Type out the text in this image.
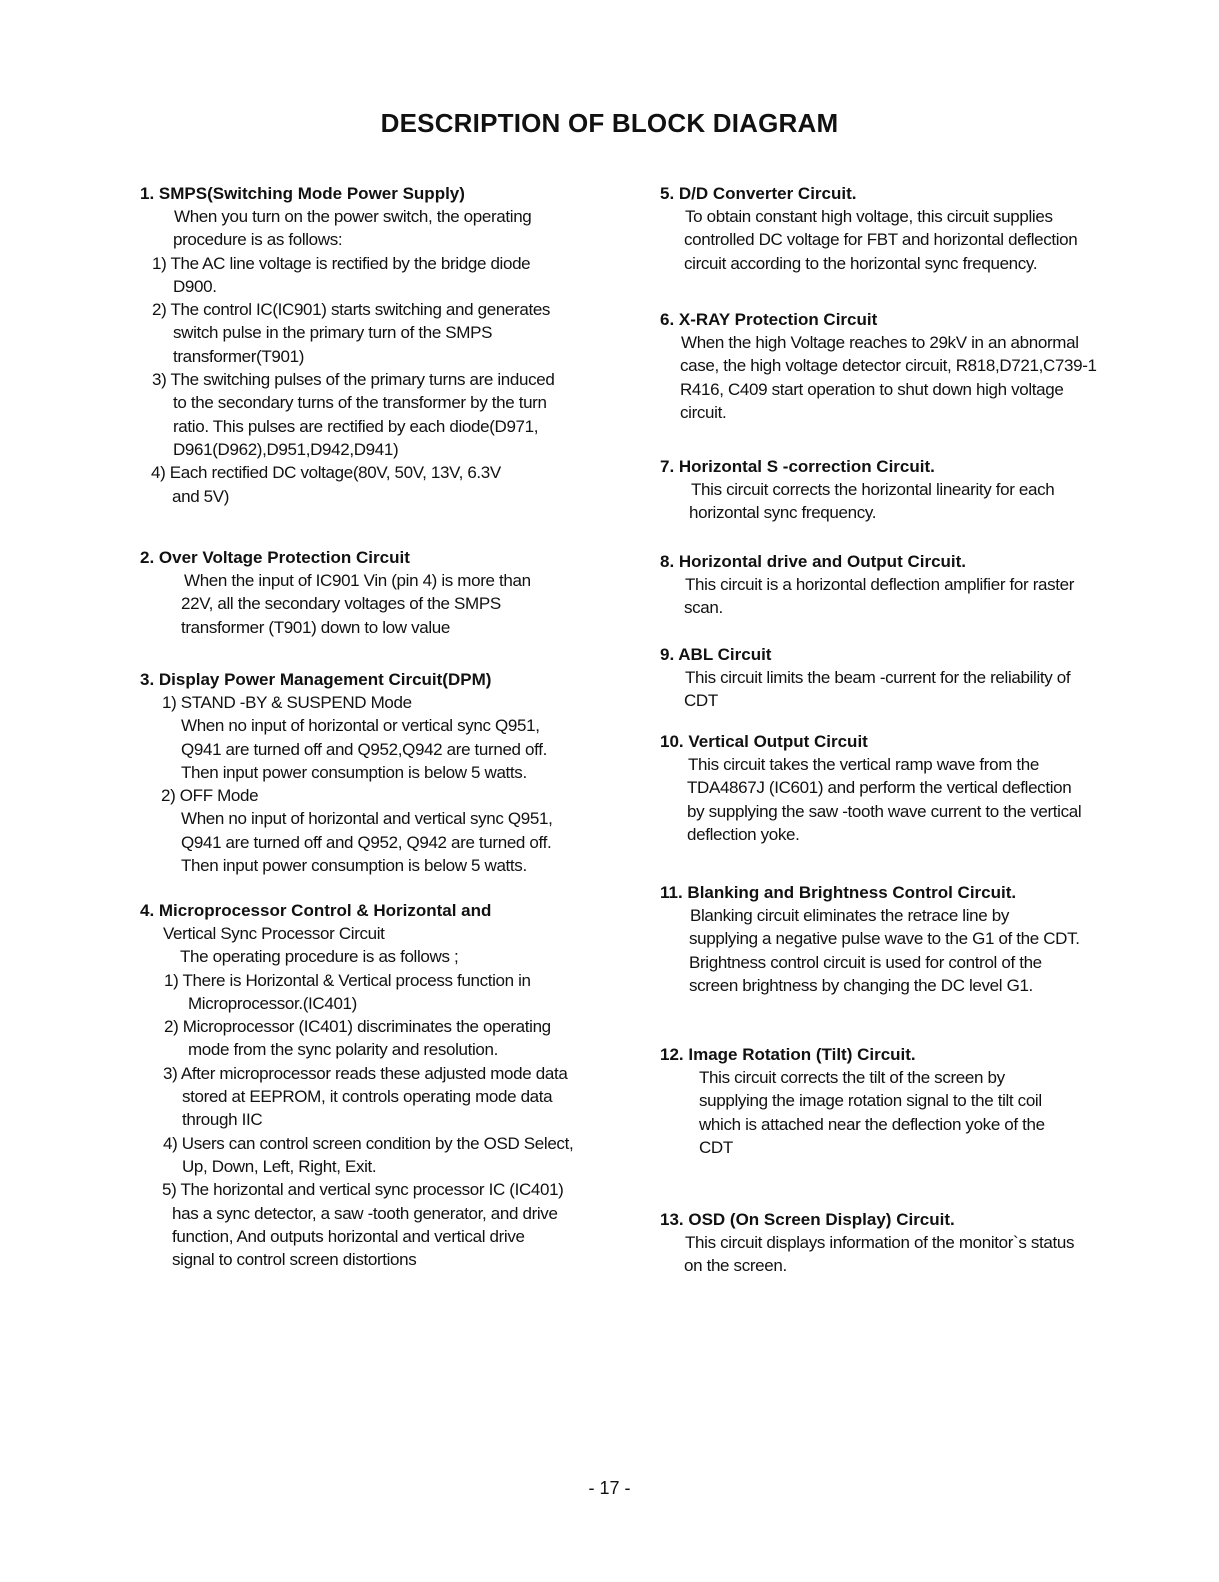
DESCRIPTION OF BLOCK DIAGRAM
1. SMPS(Switching Mode Power Supply)
When you turn on the power switch, the operating
procedure is as follows:
1) The AC line voltage is rectified by the bridge diode
D900.
2) The control IC(IC901) starts switching and generates
switch pulse in the primary turn of the SMPS
transformer(T901)
3) The switching pulses of the primary turns are induced
to the secondary turns of the transformer by the turn
ratio. This pulses are rectified by each diode(D971,
D961(D962),D951,D942,D941)
4) Each rectified DC voltage(80V, 50V, 13V, 6.3V
and 5V)
2. Over Voltage Protection Circuit
When the input of IC901 Vin (pin 4) is more than
22V, all the secondary voltages of the SMPS
transformer (T901) down to low value
3. Display Power Management Circuit(DPM)
1) STAND -BY & SUSPEND Mode
When no input of horizontal or vertical sync Q951,
Q941 are turned off and Q952,Q942 are turned off.
Then input power consumption is below 5 watts.
2) OFF Mode
When no input of horizontal and vertical sync Q951,
Q941 are turned off and Q952, Q942 are turned off.
Then input power consumption is below 5 watts.
4. Microprocessor Control & Horizontal and
Vertical Sync Processor Circuit
The operating procedure is as follows ;
1) There is Horizontal & Vertical process function in
Microprocessor.(IC401)
2) Microprocessor (IC401) discriminates the operating
mode from the sync polarity and resolution.
3) After microprocessor reads these adjusted mode data
stored at EEPROM, it controls operating mode data
through IIC
4) Users can control screen condition by the OSD Select,
Up, Down, Left, Right, Exit.
5) The horizontal and vertical sync processor IC (IC401)
has a sync detector, a saw -tooth generator, and drive
function, And outputs horizontal and vertical drive
signal to control screen distortions
5. D/D Converter Circuit.
To obtain constant high voltage, this circuit supplies
controlled DC voltage for FBT and horizontal deflection
circuit according to the horizontal sync frequency.
6. X-RAY Protection Circuit
When the high Voltage reaches to 29kV in an abnormal
case, the high voltage detector circuit, R818,D721,C739-1
R416, C409 start operation to shut down high voltage
circuit.
7. Horizontal S -correction Circuit.
This circuit corrects the horizontal linearity for each
horizontal sync frequency.
8. Horizontal drive and Output Circuit.
This circuit is a horizontal deflection amplifier for raster
scan.
9. ABL Circuit
This circuit limits the beam -current for the reliability of
CDT
10. Vertical Output Circuit
This circuit takes the vertical ramp wave from the
TDA4867J (IC601) and perform the vertical deflection
by supplying the saw -tooth wave current to the vertical
deflection yoke.
11. Blanking and Brightness Control Circuit.
Blanking circuit eliminates the retrace line by
supplying a negative pulse wave to the G1 of the CDT.
Brightness control circuit is used for control of the
screen brightness by changing the DC level G1.
12. Image Rotation (Tilt) Circuit.
This circuit corrects the tilt of the screen by
supplying the image rotation signal to the tilt coil
which is attached near the deflection yoke of the
CDT
13. OSD (On Screen Display) Circuit.
This circuit displays information of the monitor`s status
on the screen.
- 17 -
